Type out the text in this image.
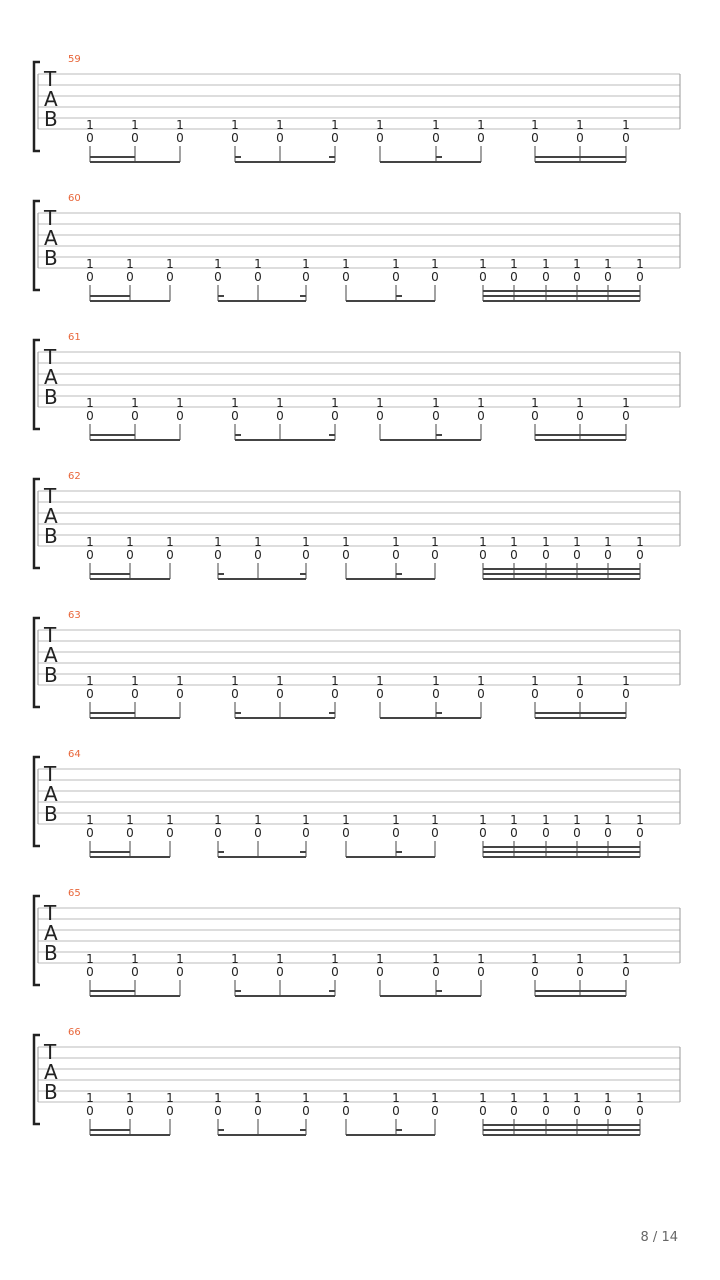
59
T
A
B 1
0
1
0
1
0
1
0
1
0
1
0
1
0
1
0
1
0
1
0
1
0
1
0
60
T
A
B 1
0
1
0
1
0
1
0
1
0
1
0
1
0
1
0
1
0
1
0
1
0
1
0
1
0
1
0
1
0
61
T
A
B 1
0
1
0
1
0
1
0
1
0
1
0
1
0
1
0
1
0
1
0
1
0
1
0
62
T
A
B 1
0
1
0
1
0
1
0
1
0
1
0
1
0
1
0
1
0
1
0
1
0
1
0
1
0
1
0
1
0
63
T
A
B 1
0
1
0
1
0
1
0
1
0
1
0
1
0
1
0
1
0
1
0
1
0
1
0
64
T
A
B 1
0
1
0
1
0
1
0
1
0
1
0
1
0
1
0
1
0
1
0
1
0
1
0
1
0
1
0
1
0
65
T
A
B 1
0
1
0
1
0
1
0
1
0
1
0
1
0
1
0
1
0
1
0
1
0
1
0
66
T
A
B 1
0
1
0
1
0
1
0
1
0
1
0
1
0
1
0
1
0
1
0
1
0
1
0
1
0
1
0
1
0
8 / 14
